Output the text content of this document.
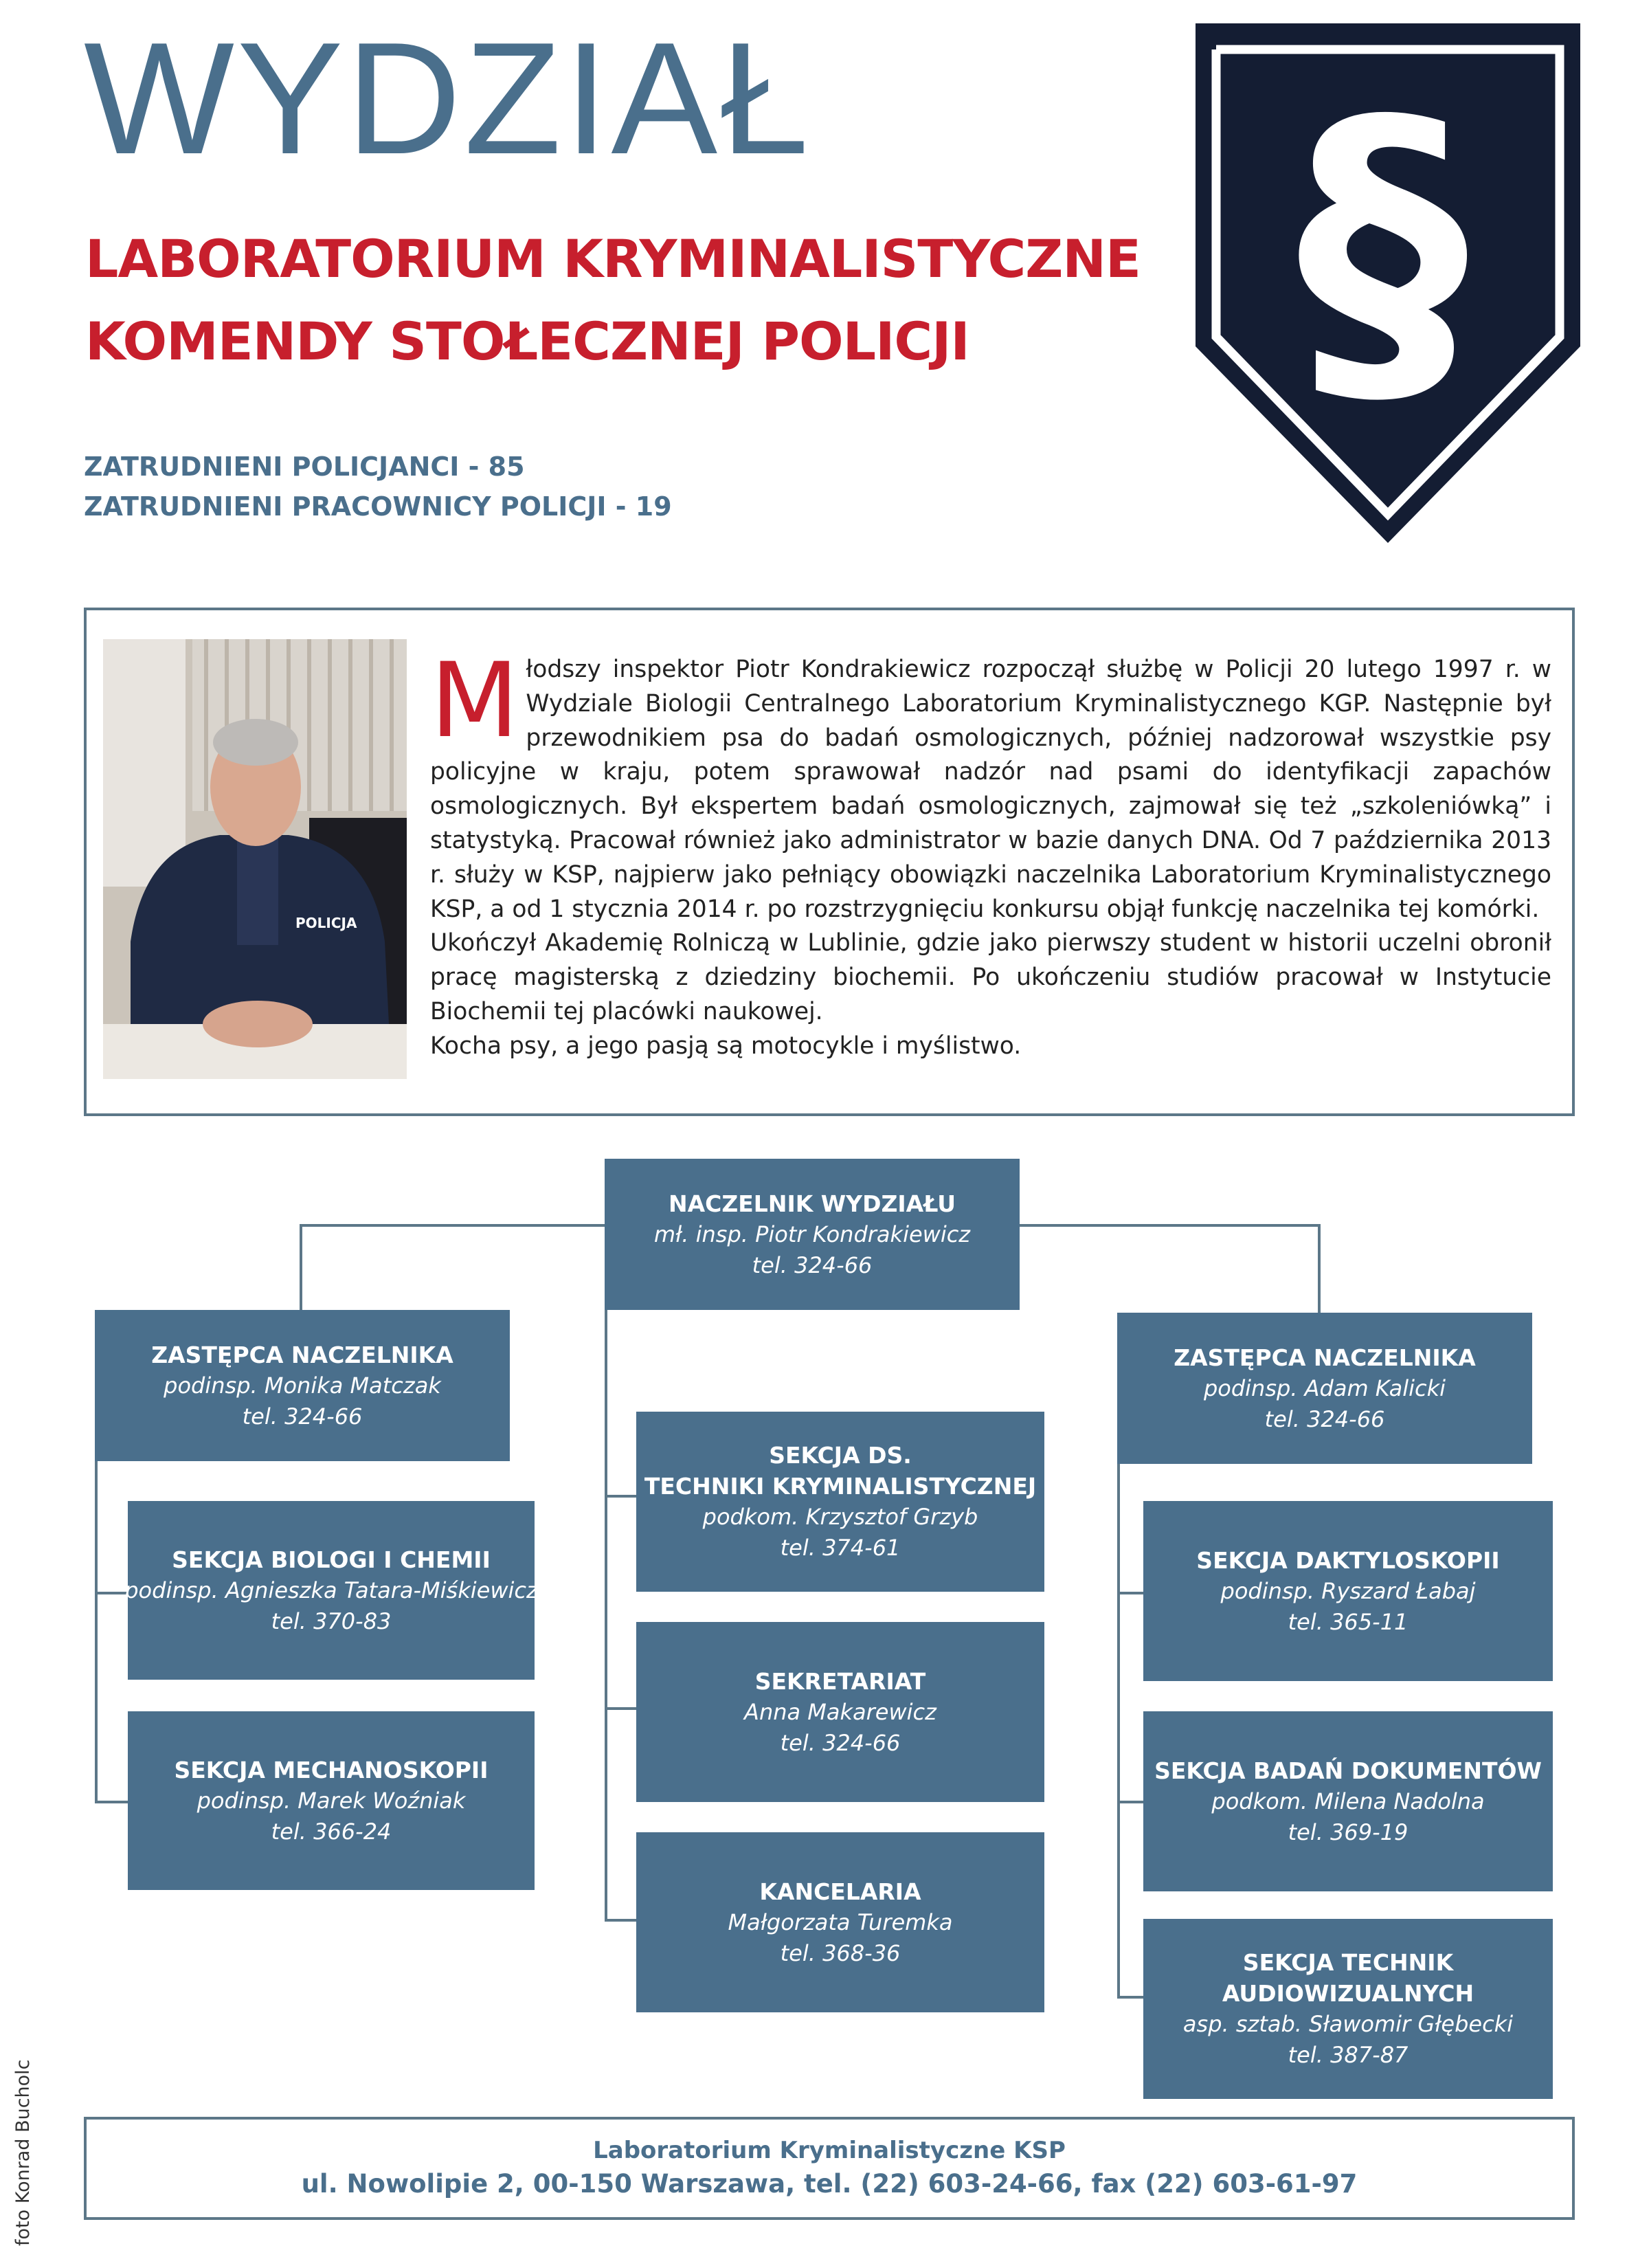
WYDZIAŁ
LABORATORIUM KRYMINALISTYCZNE
KOMENDY STOŁECZNEJ POLICJI
ZATRUDNIENI POLICJANCI - 85
ZATRUDNIENI PRACOWNICY POLICJI - 19
§
POLICJA

Młodszy inspektor Piotr Kondrakiewicz rozpoczął służbę w Policji 20 lutego 1997 r. w Wydziale Biologii Centralnego Laboratorium Kryminalistycznego KGP. Następnie był przewodnikiem psa do badań osmologicznych, później nadzorował wszystkie psy policyjne w kraju, potem sprawował nadzór nad psami do identyfikacji zapachów osmologicznych. Był ekspertem badań osmologicznych, zajmował się też „szkoleniówką” i statystyką. Pracował również jako administrator w bazie danych DNA. Od 7 października 2013 r. służy w KSP, najpierw jako pełniący obowiązki naczelnika Laboratorium Kryminalistycznego KSP, a od 1 stycznia 2014 r. po rozstrzygnięciu konkursu objął funkcję naczelnika tej komórki.

Ukończył Akademię Rolniczą w Lublinie, gdzie jako pierwszy student w historii uczelni obronił pracę magisterską z dziedziny biochemii. Po ukończeniu studiów pracował w Instytucie Biochemii tej placówki naukowej.

Kocha psy, a jego pasją są motocykle i myślistwo.

NACZELNIK WYDZIAŁU
mł. insp. Piotr Kondrakiewicz
tel. 324-66
ZASTĘPCA NACZELNIKA
podinsp. Monika Matczak
tel. 324-66
ZASTĘPCA NACZELNIKA
podinsp. Adam Kalicki
tel. 324-66
SEKCJA BIOLOGI I CHEMII
podinsp. Agnieszka Tatara-Miśkiewicz
tel. 370-83
SEKCJA MECHANOSKOPII
podinsp. Marek Woźniak
tel. 366-24
SEKCJA DS.
TECHNIKI KRYMINALISTYCZNEJ
podkom. Krzysztof Grzyb
tel. 374-61
SEKRETARIAT
Anna Makarewicz
tel. 324-66
KANCELARIA
Małgorzata Turemka
tel. 368-36
SEKCJA DAKTYLOSKOPII
podinsp. Ryszard Łabaj
tel. 365-11
SEKCJA BADAŃ DOKUMENTÓW
podkom. Milena Nadolna
tel. 369-19
SEKCJA TECHNIK AUDIOWIZUALNYCH
asp. sztab. Sławomir Głębecki
tel. 387-87
Laboratorium Kryminalistyczne KSP
ul. Nowolipie 2, 00-150 Warszawa, tel. (22) 603-24-66, fax (22) 603-61-97
foto Konrad Bucholc
